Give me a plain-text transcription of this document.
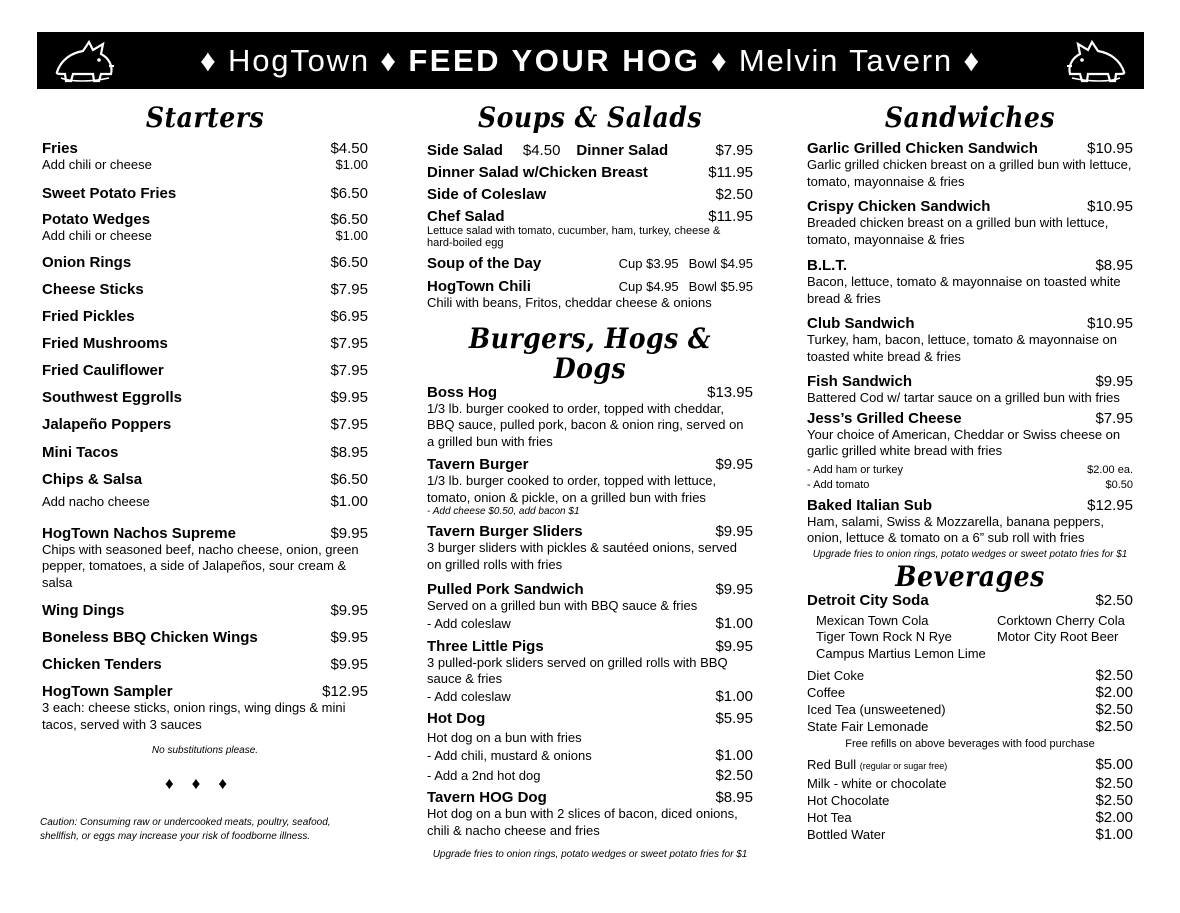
♦ HogTown ♦ FEED YOUR HOG ♦ Melvin Tavern ♦
Starters
Fries	$4.50
Add chili or cheese	$1.00
Sweet Potato Fries	$6.50
Potato Wedges	$6.50
Add chili or cheese	$1.00
Onion Rings	$6.50
Cheese Sticks	$7.95
Fried Pickles	$6.95
Fried Mushrooms	$7.95
Fried Cauliflower	$7.95
Southwest Eggrolls	$9.95
Jalapeño Poppers	$7.95
Mini Tacos	$8.95
Chips & Salsa	$6.50
Add nacho cheese	$1.00
HogTown Nachos Supreme	$9.95
Chips with seasoned beef, nacho cheese, onion, green pepper, tomatoes, a side of Jalapeños, sour cream & salsa
Wing Dings	$9.95
Boneless BBQ Chicken Wings	$9.95
Chicken Tenders	$9.95
HogTown Sampler	$12.95
3 each: cheese sticks, onion rings, wing dings & mini tacos, served with 3 sauces
No substitutions please.
♦♦♦
Caution: Consuming raw or undercooked meats, poultry, seafood, shellfish, or eggs may increase your risk of foodborne illness.
Soups & Salads
Side Salad $4.50 Dinner Salad	$7.95
Dinner Salad w/Chicken Breast	$11.95
Side of Coleslaw	$2.50
Chef Salad	$11.95
Lettuce salad with tomato, cucumber, ham, turkey, cheese & hard-boiled egg
Soup of the Day	Cup $3.95 Bowl $4.95
HogTown Chili	Cup $4.95 Bowl $5.95
Chili with beans, Fritos, cheddar cheese & onions
Burgers, Hogs & Dogs
Boss Hog	$13.95
1/3 lb. burger cooked to order, topped with cheddar, BBQ sauce, pulled pork, bacon & onion ring, served on a grilled bun with fries
Tavern Burger	$9.95
1/3 lb. burger cooked to order, topped with lettuce, tomato, onion & pickle, on a grilled bun with fries
- Add cheese $0.50, add bacon $1
Tavern Burger Sliders	$9.95
3 burger sliders with pickles & sautéed onions, served on grilled rolls with fries
Pulled Pork Sandwich	$9.95
Served on a grilled bun with BBQ sauce & fries
- Add coleslaw	$1.00
Three Little Pigs	$9.95
3 pulled-pork sliders served on grilled rolls with BBQ sauce & fries
- Add coleslaw	$1.00
Hot Dog	$5.95
Hot dog on a bun with fries
- Add chili, mustard & onions	$1.00
- Add a 2nd hot dog	$2.50
Tavern HOG Dog	$8.95
Hot dog on a bun with 2 slices of bacon, diced onions, chili & nacho cheese and fries
Upgrade fries to onion rings, potato wedges or sweet potato fries for $1
Sandwiches
Garlic Grilled Chicken Sandwich	$10.95
Garlic grilled chicken breast on a grilled bun with lettuce, tomato, mayonnaise & fries
Crispy Chicken Sandwich	$10.95
Breaded chicken breast on a grilled bun with lettuce, tomato, mayonnaise & fries
B.L.T.	$8.95
Bacon, lettuce, tomato & mayonnaise on toasted white bread & fries
Club Sandwich	$10.95
Turkey, ham, bacon, lettuce, tomato & mayonnaise on toasted white bread & fries
Fish Sandwich	$9.95
Battered Cod w/ tartar sauce on a grilled bun with fries
Jess’s Grilled Cheese	$7.95
Your choice of American, Cheddar or Swiss cheese on garlic grilled white bread with fries
- Add ham or turkey	$2.00 ea.
- Add tomato	$0.50
Baked Italian Sub	$12.95
Ham, salami, Swiss & Mozzarella, banana peppers, onion, lettuce & tomato on a 6” sub roll with fries
Upgrade fries to onion rings, potato wedges or sweet potato fries for $1
Beverages
Detroit City Soda	$2.50
Mexican Town Cola	Corktown Cherry Cola
Tiger Town Rock N Rye	Motor City Root Beer
Campus Martius Lemon Lime
Diet Coke	$2.50
Coffee	$2.00
Iced Tea (unsweetened)	$2.50
State Fair Lemonade	$2.50
Free refills on above beverages with food purchase
Red Bull (regular or sugar free)	$5.00
Milk - white or chocolate	$2.50
Hot Chocolate	$2.50
Hot Tea	$2.00
Bottled Water	$1.00
